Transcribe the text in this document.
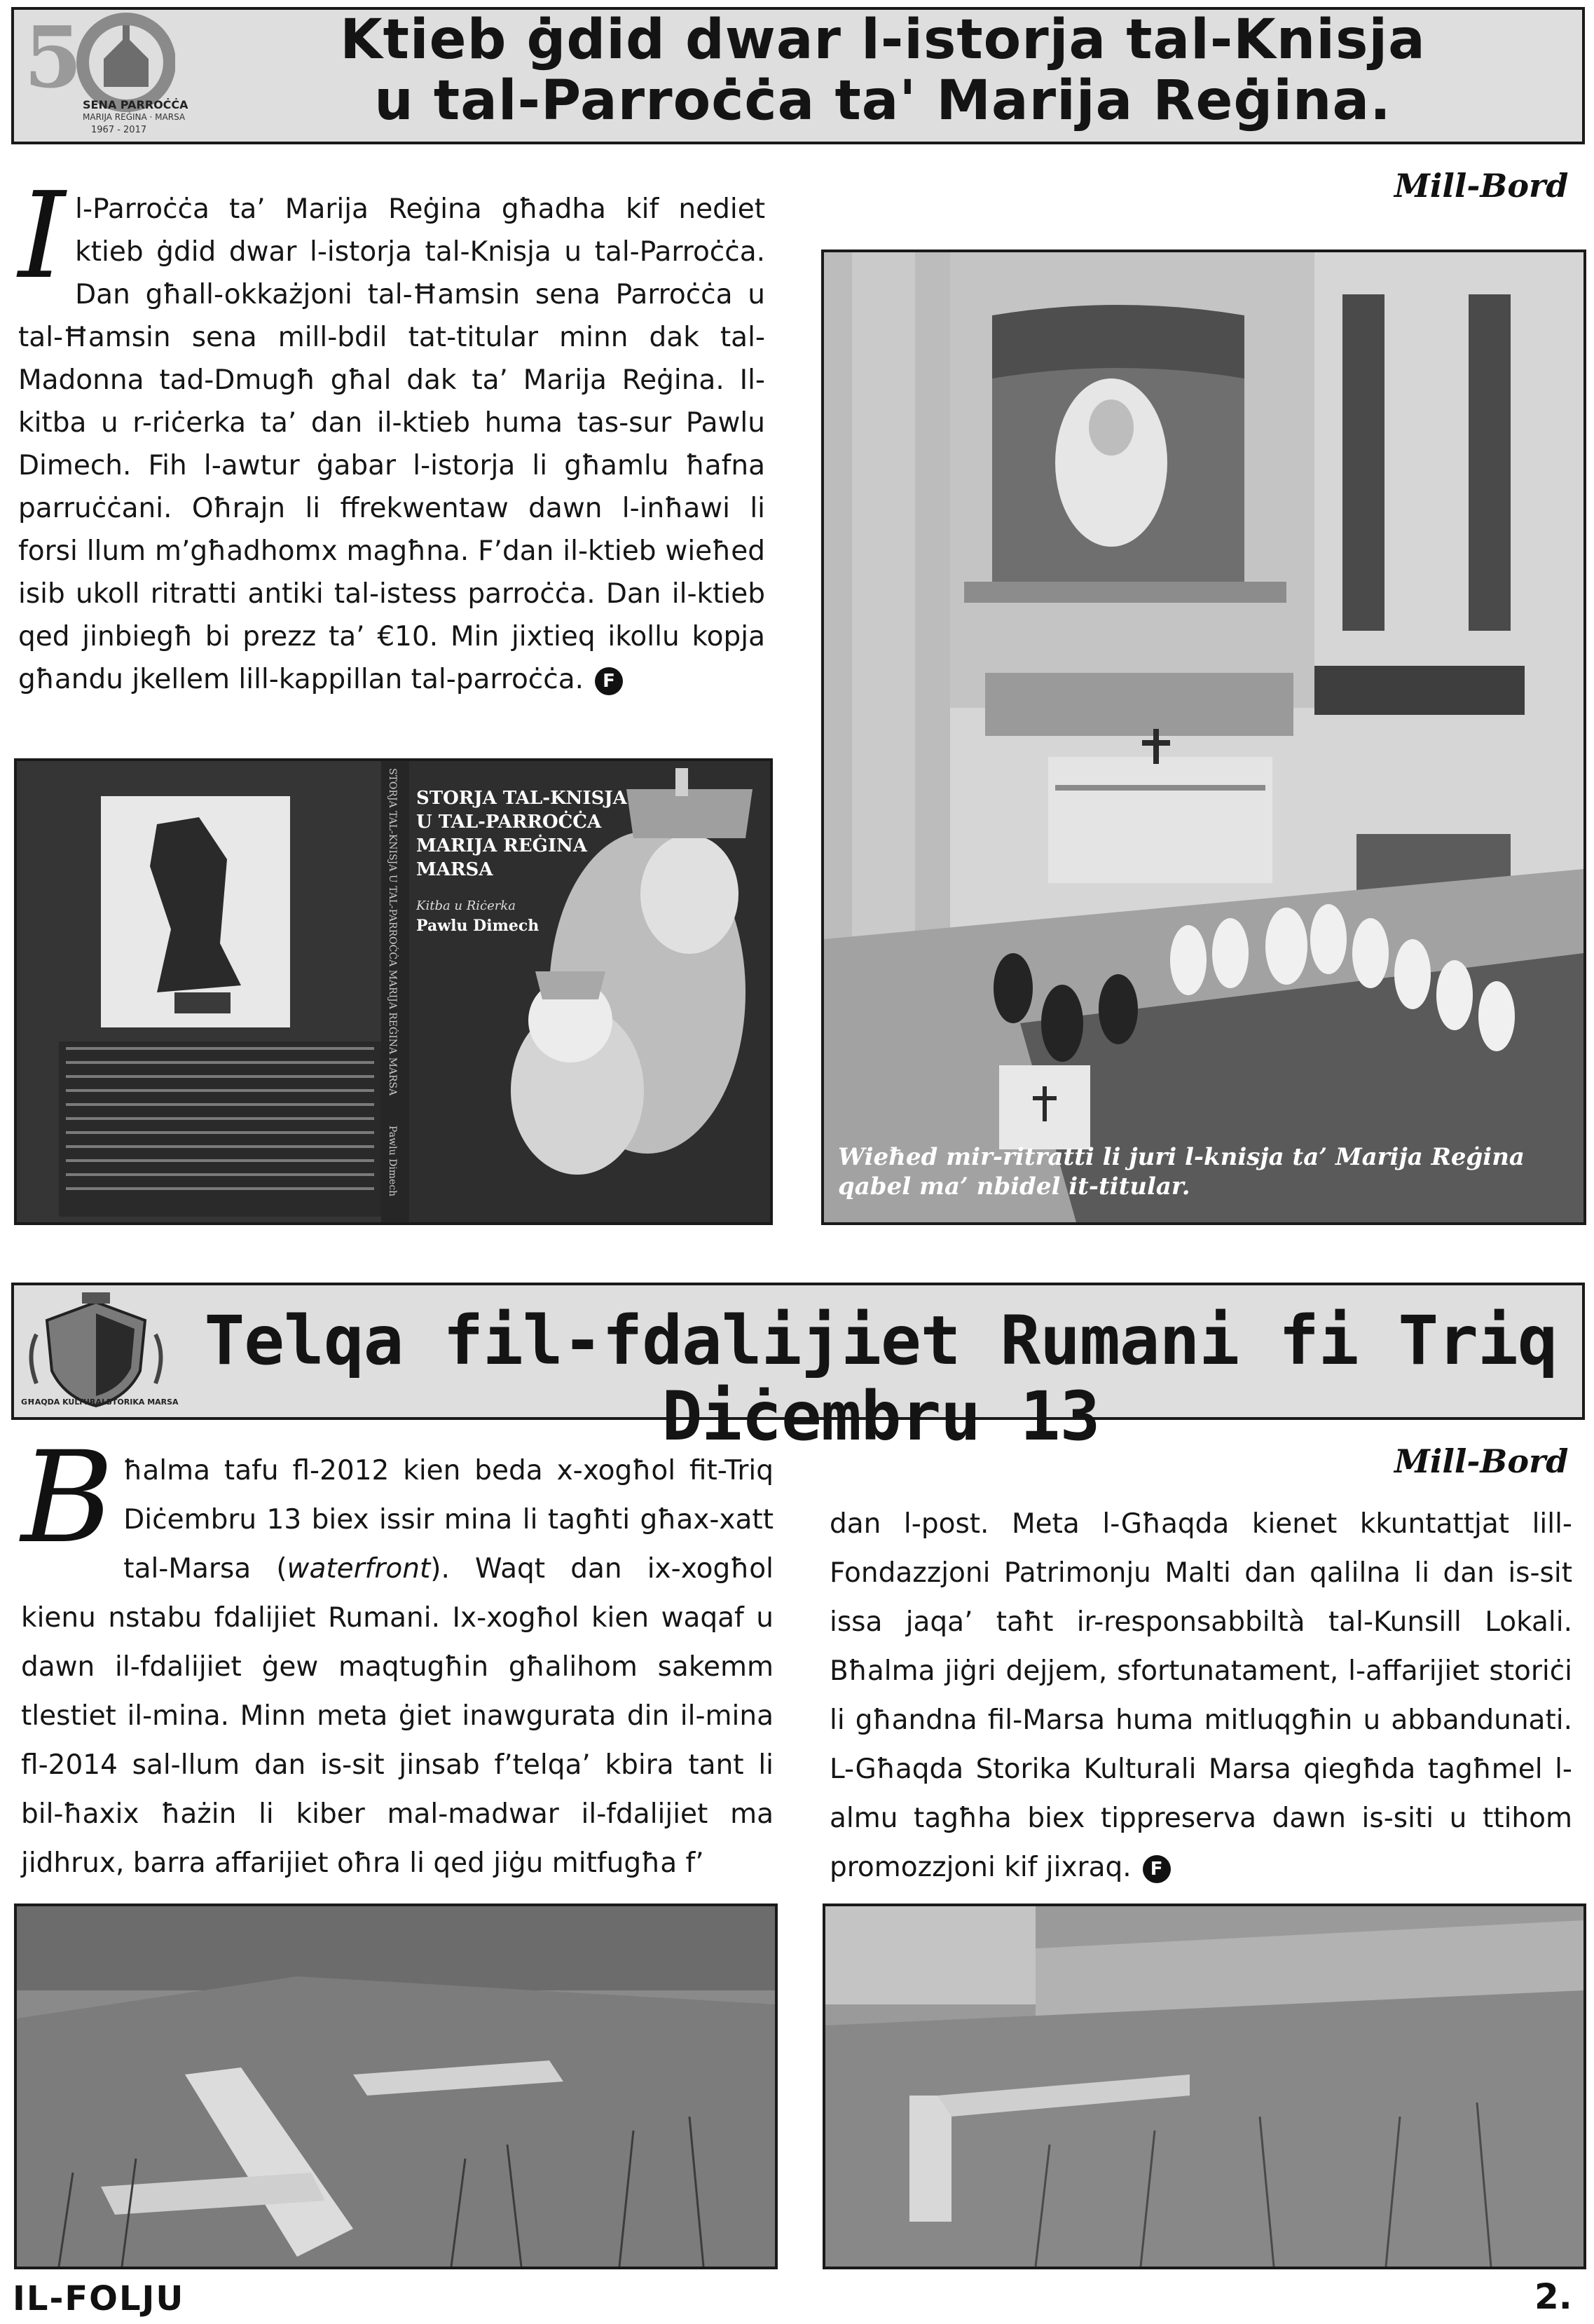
5 SENA PARROĊĊA
MARIJA REĠINA · MARSA
1967 - 2017
Ktieb ġdid dwar l-istorja tal-Knisja
u tal-Parroċċa ta' Marija Reġina.
Il-Parroċċa ta’ Marija Reġina għadha kif nediet ktieb ġdid dwar l-istorja tal-Knisja u tal-Parroċċa. Dan għall-okkażjoni tal-Ħamsin sena Parroċċa u tal-Ħamsin sena mill-bdil tat-titular minn dak tal-Madonna tad-Dmugħ għal dak ta’ Marija Reġina. Il-kitba u r-riċerka ta’ dan il-ktieb huma tas-sur Pawlu Dimech. Fih l-awtur ġabar l-istorja li għamlu ħafna parruċċani. Oħrajn li ffrekwentaw dawn l-inħawi li forsi llum m’għadhomx magħna. F’dan il-ktieb wieħed isib ukoll ritratti antiki tal-istess parroċċa. Dan il-ktieb qed jinbiegħ bi prezz ta’ €10. Min jixtieq ikollu kopja għandu jkellem lill-kappillan tal-parroċċa. F
Mill-Bord
STORJA TAL-KNISJA
U TAL-PARROĊĊA
MARIJA REĠINA
MARSA
Kitba u Riċerka
Pawlu Dimech
STORJA TAL-KNISJA U TAL-PARROĊĊA MARIJA REĠINA MARSA
Pawlu Dimech	Wieħed mir-ritratti li juri l-knisja ta’ Marija Reġina qabel ma’ nbidel it-titular.
GĦAQDA KULTURALI
STORIKA MARSA
Telqa fil-fdalijiet Rumani fi Triq Diċembru 13
Bħalma tafu fl-2012 kien beda x-xogħol fit-Triq Diċembru 13 biex issir mina li tagħti għax-xatt tal-Marsa (waterfront). Waqt dan ix-xogħol kienu nstabu fdalijiet Rumani. Ix-xogħol kien waqaf u dawn il-fdalijiet ġew maqtugħin għalihom sakemm tlestiet il-mina. Minn meta ġiet inawgurata din il-mina fl-2014 sal-llum dan is-sit jinsab f’telqa’ kbira tant li bil-ħaxix ħażin li kiber mal-madwar il-fdalijiet ma jidhrux, barra affarijiet oħra li qed jiġu mitfugħa f’
Mill-Bord
dan l-post. Meta l-Għaqda kienet kkuntattjat lill-Fondazzjoni Patrimonju Malti dan qalilna li dan is-sit issa jaqa’ taħt ir-responsabbiltà tal-Kunsill Lokali. Bħalma jiġri dejjem, sfortunatament, l-affarijiet storiċi li għandna fil-Marsa huma mitluqgħin u abbandunati. L-Għaqda Storika Kulturali Marsa qiegħda tagħmel l-almu tagħha biex tippreserva dawn is-siti u ttihom promozzjoni kif jixraq. F
IL-FOLJU	2.
